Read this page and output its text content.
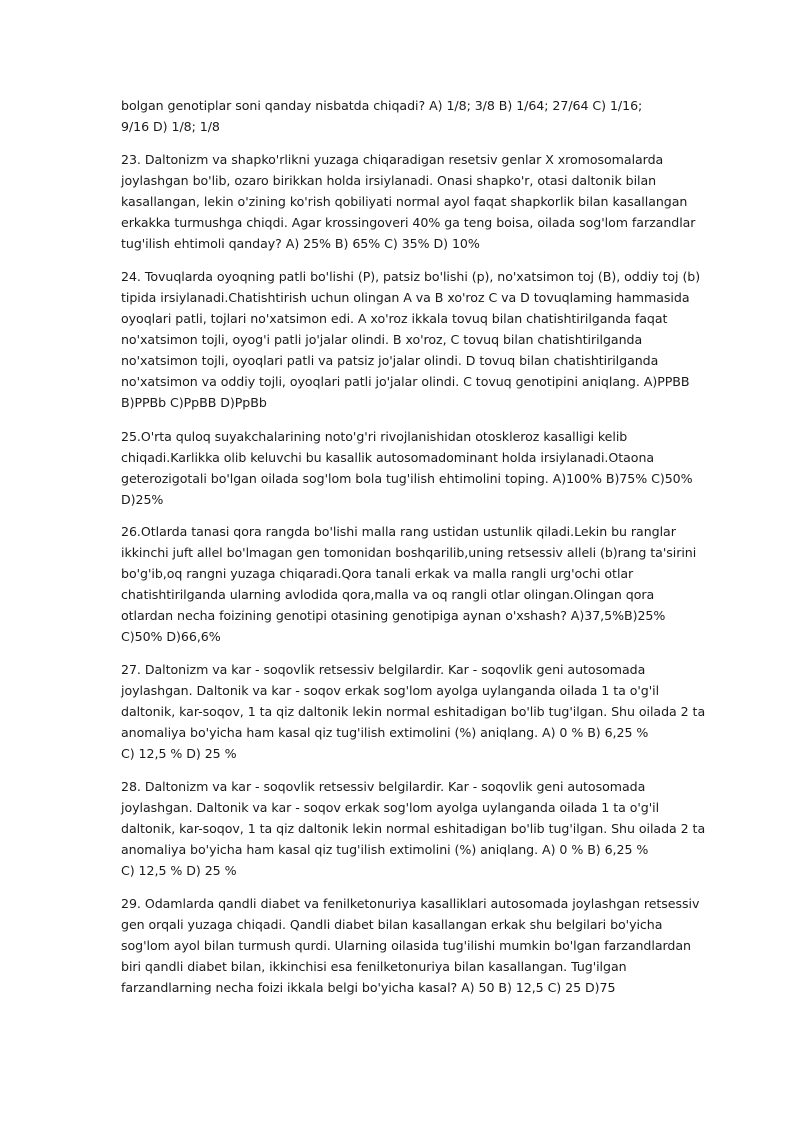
bolgan genotiplar soni qanday nisbatda chiqadi? A) 1/8; 3/8 B) 1/64; 27/64 C) 1/16;
9/16 D) 1/8; 1/8
23. Daltonizm va shapko'rlikni yuzaga chiqaradigan resetsiv genlar X xromosomalarda
joylashgan bo'lib, ozaro birikkan holda irsiylanadi. Onasi shapko'r, otasi daltonik bilan
kasallangan, lekin o'zining ko'rish qobiliyati normal ayol faqat shapkorlik bilan kasallangan
erkakka turmushga chiqdi. Agar krossingoveri 40% ga teng boisa, oilada sog'lom farzandlar
tug'ilish ehtimoli qanday? A) 25% B) 65% C) 35% D) 10%
24. Tovuqlarda oyoqning patli bo'lishi (P), patsiz bo'lishi (p), no'xatsimon toj (B), oddiy toj (b)
tipida irsiylanadi.Chatishtirish uchun olingan A va B xo'roz C va D tovuqlaming hammasida
oyoqlari patli, tojlari no'xatsimon edi. A xo'roz ikkala tovuq bilan chatishtirilganda faqat
no'xatsimon tojli, oyog'i patli jo'jalar olindi. B xo'roz, C tovuq bilan chatishtirilganda
no'xatsimon tojli, oyoqlari patli va patsiz jo'jalar olindi. D tovuq bilan chatishtirilganda
no'xatsimon va oddiy tojli, oyoqlari patli jo'jalar olindi. C tovuq genotipini aniqlang. A)PPBB
B)PPBb C)PpBB D)PpBb
25.O'rta quloq suyakchalarining noto'g'ri rivojlanishidan otoskleroz kasalligi kelib
chiqadi.Karlikka olib keluvchi bu kasallik autosomadominant holda irsiylanadi.Otaona
geterozigotali bo'lgan oilada sog'lom bola tug'ilish ehtimolini toping. A)100% B)75% C)50%
D)25%
26.Otlarda tanasi qora rangda bo'lishi malla rang ustidan ustunlik qiladi.Lekin bu ranglar
ikkinchi juft allel bo'lmagan gen tomonidan boshqarilib,uning retsessiv alleli (b)rang ta'sirini
bo'g'ib,oq rangni yuzaga chiqaradi.Qora tanali erkak va malla rangli urg'ochi otlar
chatishtirilganda ularning avlodida qora,malla va oq rangli otlar olingan.Olingan qora
otlardan necha foizining genotipi otasining genotipiga aynan o'xshash? A)37,5%B)25%
C)50% D)66,6%
27. Daltonizm va kar - soqovlik retsessiv belgilardir. Kar - soqovlik geni autosomada
joylashgan. Daltonik va kar - soqov erkak sog'lom ayolga uylanganda oilada 1 ta o'g'il
daltonik, kar-soqov, 1 ta qiz daltonik lekin normal eshitadigan bo'lib tug'ilgan. Shu oilada 2 ta
anomaliya bo'yicha ham kasal qiz tug'ilish extimolini (%) aniqlang. A) 0 % B) 6,25 %
C) 12,5 % D) 25 %
28. Daltonizm va kar - soqovlik retsessiv belgilardir. Kar - soqovlik geni autosomada
joylashgan. Daltonik va kar - soqov erkak sog'lom ayolga uylanganda oilada 1 ta o'g'il
daltonik, kar-soqov, 1 ta qiz daltonik lekin normal eshitadigan bo'lib tug'ilgan. Shu oilada 2 ta
anomaliya bo'yicha ham kasal qiz tug'ilish extimolini (%) aniqlang. A) 0 % B) 6,25 %
C) 12,5 % D) 25 %
29. Odamlarda qandli diabet va fenilketonuriya kasalliklari autosomada joylashgan retsessiv
gen orqali yuzaga chiqadi. Qandli diabet bilan kasallangan erkak shu belgilari bo'yicha
sog'lom ayol bilan turmush qurdi. Ularning oilasida tug'ilishi mumkin bo'lgan farzandlardan
biri qandli diabet bilan, ikkinchisi esa fenilketonuriya bilan kasallangan. Tug'ilgan
farzandlarning necha foizi ikkala belgi bo'yicha kasal? A) 50 B) 12,5 C) 25 D)75
